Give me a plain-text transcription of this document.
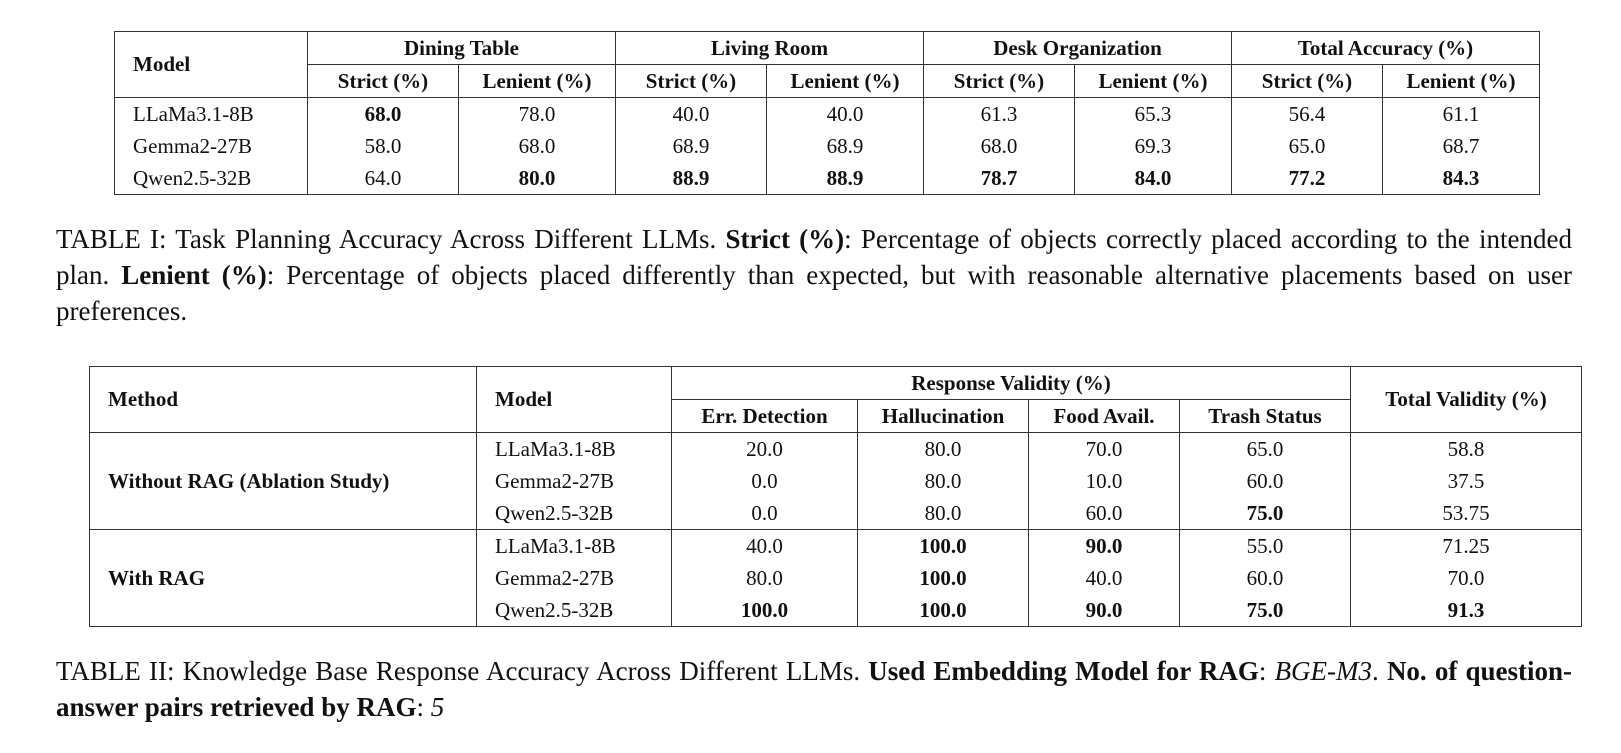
Model	Dining Table		Living Room		Desk Organization		Total Accuracy (%)	
	Strict (%)	Lenient (%)	Strict (%)	Lenient (%)	Strict (%)	Lenient (%)	Strict (%)	Lenient (%)
LLaMa3.1-8B	68.0	78.0	40.0	40.0	61.3	65.3	56.4	61.1
Gemma2-27B	58.0	68.0	68.9	68.9	68.0	69.3	65.0	68.7
Qwen2.5-32B	64.0	80.0	88.9	88.9	78.7	84.0	77.2	84.3
TABLE I: Task Planning Accuracy Across Different LLMs. Strict (%): Percentage of objects correctly placed according to the intended plan. Lenient (%): Percentage of objects placed differently than expected, but with reasonable alternative placements based on user preferences.
Method	Model	Response Validity (%)				Total Validity (%)
		Err. Detection	Hallucination	Food Avail.	Trash Status	
Without RAG (Ablation Study)	LLaMa3.1-8B	20.0	80.0	70.0	65.0	58.8
	Gemma2-27B	0.0	80.0	10.0	60.0	37.5
	Qwen2.5-32B	0.0	80.0	60.0	75.0	53.75
With RAG	LLaMa3.1-8B	40.0	100.0	90.0	55.0	71.25
	Gemma2-27B	80.0	100.0	40.0	60.0	70.0
	Qwen2.5-32B	100.0	100.0	90.0	75.0	91.3
TABLE II: Knowledge Base Response Accuracy Across Different LLMs. Used Embedding Model for RAG: BGE-M3. No. of question-answer pairs retrieved by RAG: 5
